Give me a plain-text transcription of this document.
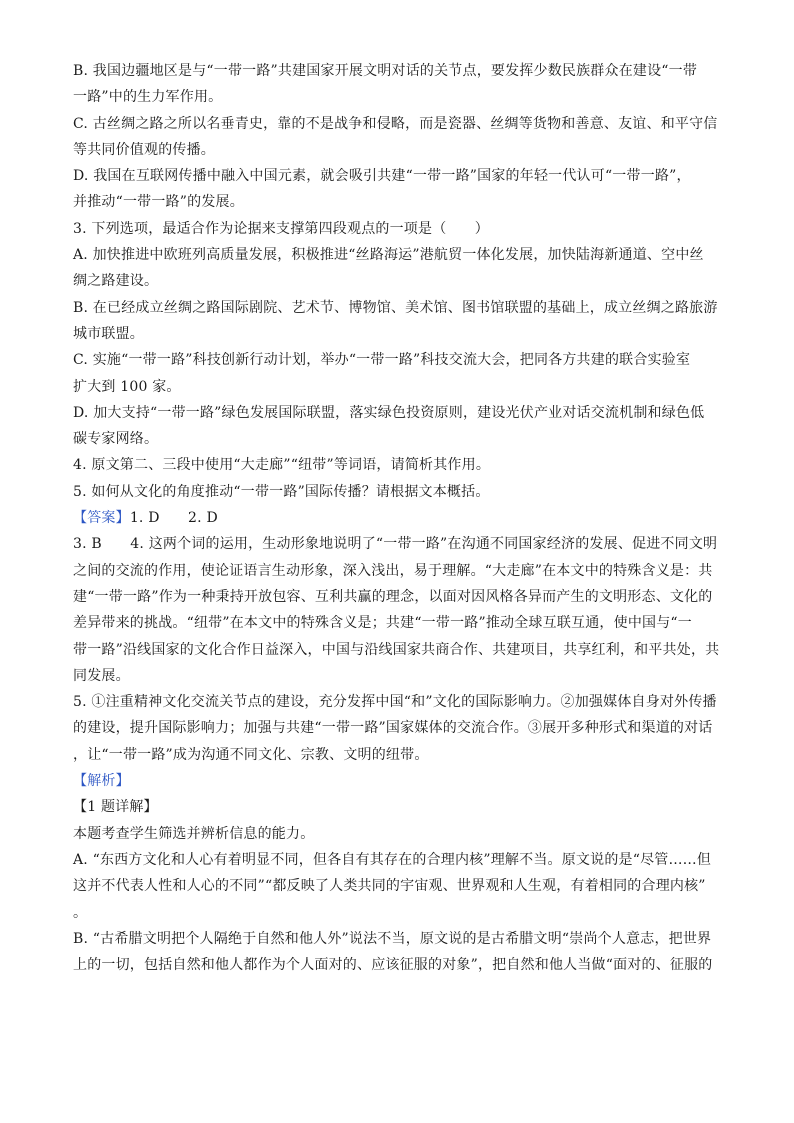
B. 我国边疆地区是与“一带一路”共建国家开展文明对话的关节点，要发挥少数民族群众在建设“一带
一路”中的生力军作用。
C. 古丝绸之路之所以名垂青史，靠的不是战争和侵略，而是瓷器、丝绸等货物和善意、友谊、和平守信
等共同价值观的传播。
D. 我国在互联网传播中融入中国元素，就会吸引共建“一带一路”国家的年轻一代认可“一带一路”，
并推动“一带一路”的发展。
3. 下列选项，最适合作为论据来支撑第四段观点的一项是（　　）
A. 加快推进中欧班列高质量发展，积极推进“丝路海运”港航贸一体化发展，加快陆海新通道、空中丝
绸之路建设。
B. 在已经成立丝绸之路国际剧院、艺术节、博物馆、美术馆、图书馆联盟的基础上，成立丝绸之路旅游
城市联盟。
C. 实施“一带一路”科技创新行动计划，举办“一带一路”科技交流大会，把同各方共建的联合实验室
扩大到 100 家。
D. 加大支持“一带一路”绿色发展国际联盟，落实绿色投资原则，建设光伏产业对话交流机制和绿色低
碳专家网络。
4. 原文第二、三段中使用“大走廊”“纽带”等词语，请简析其作用。
5. 如何从文化的角度推动“一带一路”国际传播？请根据文本概括。
【答案】1. D　　2. D
3. B　　4. 这两个词的运用，生动形象地说明了“一带一路”在沟通不同国家经济的发展、促进不同文明
之间的交流的作用，使论证语言生动形象，深入浅出，易于理解。“大走廊”在本文中的特殊含义是：共
建“一带一路”作为一种秉持开放包容、互利共赢的理念，以面对因风格各异而产生的文明形态、文化的
差异带来的挑战。“纽带”在本文中的特殊含义是；共建“一带一路”推动全球互联互通，使中国与“一
带一路”沿线国家的文化合作日益深入，中国与沿线国家共商合作、共建项目，共享红利，和平共处，共
同发展。
5. ①注重精神文化交流关节点的建设，充分发挥中国“和”文化的国际影响力。②加强媒体自身对外传播
的建设，提升国际影响力；加强与共建“一带一路”国家媒体的交流合作。③展开多种形式和渠道的对话
，让“一带一路”成为沟通不同文化、宗教、文明的纽带。
【解析】
【1 题详解】
本题考查学生筛选并辨析信息的能力。
A. “东西方文化和人心有着明显不同，但各自有其存在的合理内核”理解不当。原文说的是“尽管……但
这并不代表人性和人心的不同”“都反映了人类共同的宇宙观、世界观和人生观，有着相同的合理内核”
。
B. “古希腊文明把个人隔绝于自然和他人外”说法不当，原文说的是古希腊文明“崇尚个人意志，把世界
上的一切，包括自然和他人都作为个人面对的、应该征服的对象”，把自然和他人当做“面对的、征服的
